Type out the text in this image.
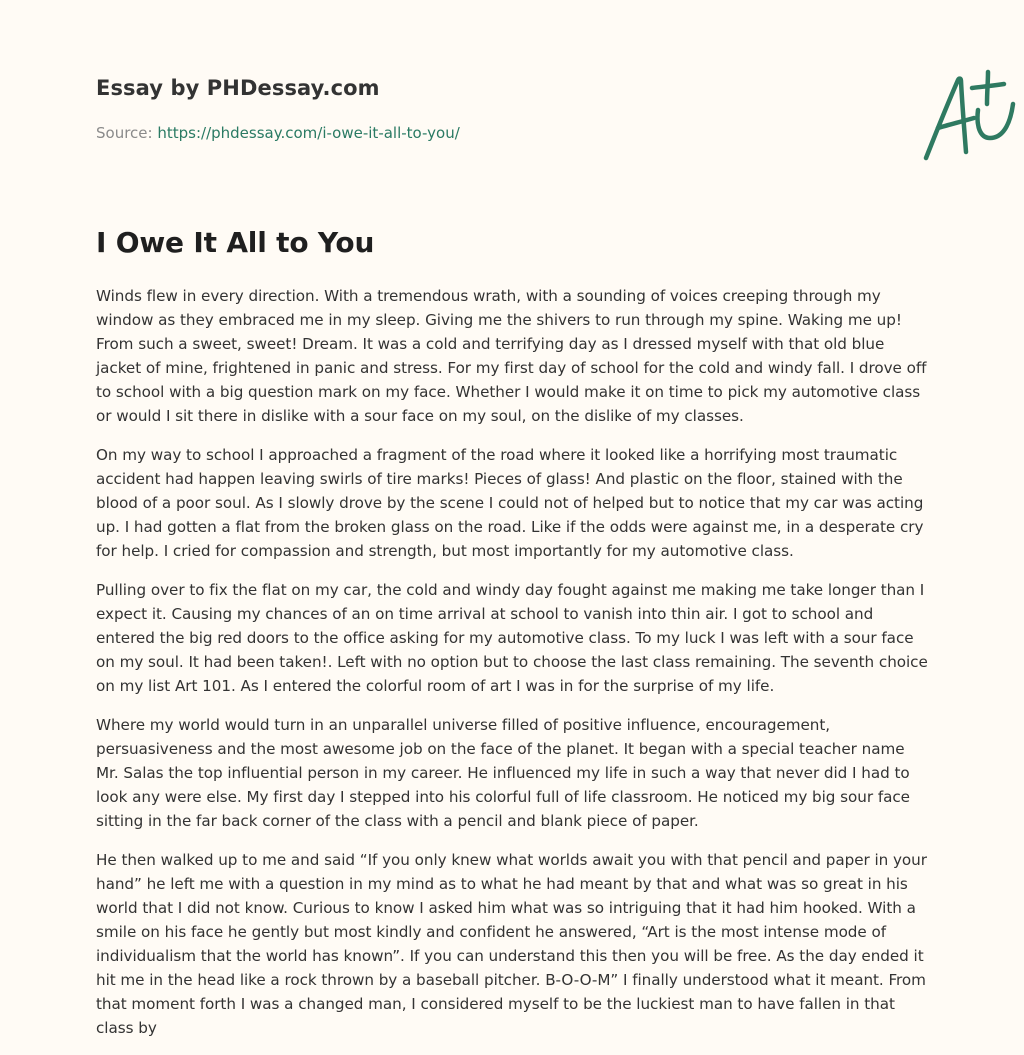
Essay by PHDessay.com
Source: https://phdessay.com/i-owe-it-all-to-you/
I Owe It All to You

Winds flew in every direction. With a tremendous wrath, with a sounding of voices creeping through my window as they embraced me in my sleep. Giving me the shivers to run through my spine. Waking me up! From such a sweet, sweet! Dream. It was a cold and terrifying day as I dressed myself with that old blue jacket of mine, frightened in panic and stress. For my first day of school for the cold and windy fall. I drove off to school with a big question mark on my face. Whether I would make it on time to pick my automotive class or would I sit there in dislike with a sour face on my soul, on the dislike of my classes.

On my way to school I approached a fragment of the road where it looked like a horrifying most traumatic accident had happen leaving swirls of tire marks! Pieces of glass! And plastic on the floor, stained with the blood of a poor soul. As I slowly drove by the scene I could not of helped but to notice that my car was acting up. I had gotten a flat from the broken glass on the road. Like if the odds were against me, in a desperate cry for help. I cried for compassion and strength, but most importantly for my automotive class.

Pulling over to fix the flat on my car, the cold and windy day fought against me making me take longer than I expect it. Causing my chances of an on time arrival at school to vanish into thin air. I got to school and entered the big red doors to the office asking for my automotive class. To my luck I was left with a sour face on my soul. It had been taken!. Left with no option but to choose the last class remaining. The seventh choice on my list Art 101. As I entered the colorful room of art I was in for the surprise of my life.

Where my world would turn in an unparallel universe filled of positive influence, encouragement, persuasiveness and the most awesome job on the face of the planet. It began with a special teacher name Mr. Salas the top influential person in my career. He influenced my life in such a way that never did I had to look any were else. My first day I stepped into his colorful full of life classroom. He noticed my big sour face sitting in the far back corner of the class with a pencil and blank piece of paper.

He then walked up to me and said “If you only knew what worlds await you with that pencil and paper in your hand” he left me with a question in my mind as to what he had meant by that and what was so great in his world that I did not know. Curious to know I asked him what was so intriguing that it had him hooked. With a smile on his face he gently but most kindly and confident he answered, “Art is the most intense mode of individualism that the world has known”. If you can understand this then you will be free. As the day ended it hit me in the head like a rock thrown by a baseball pitcher. B-O-O-M” I finally understood what it meant. From that moment forth I was a changed man, I considered myself to be the luckiest man to have fallen in that class by
